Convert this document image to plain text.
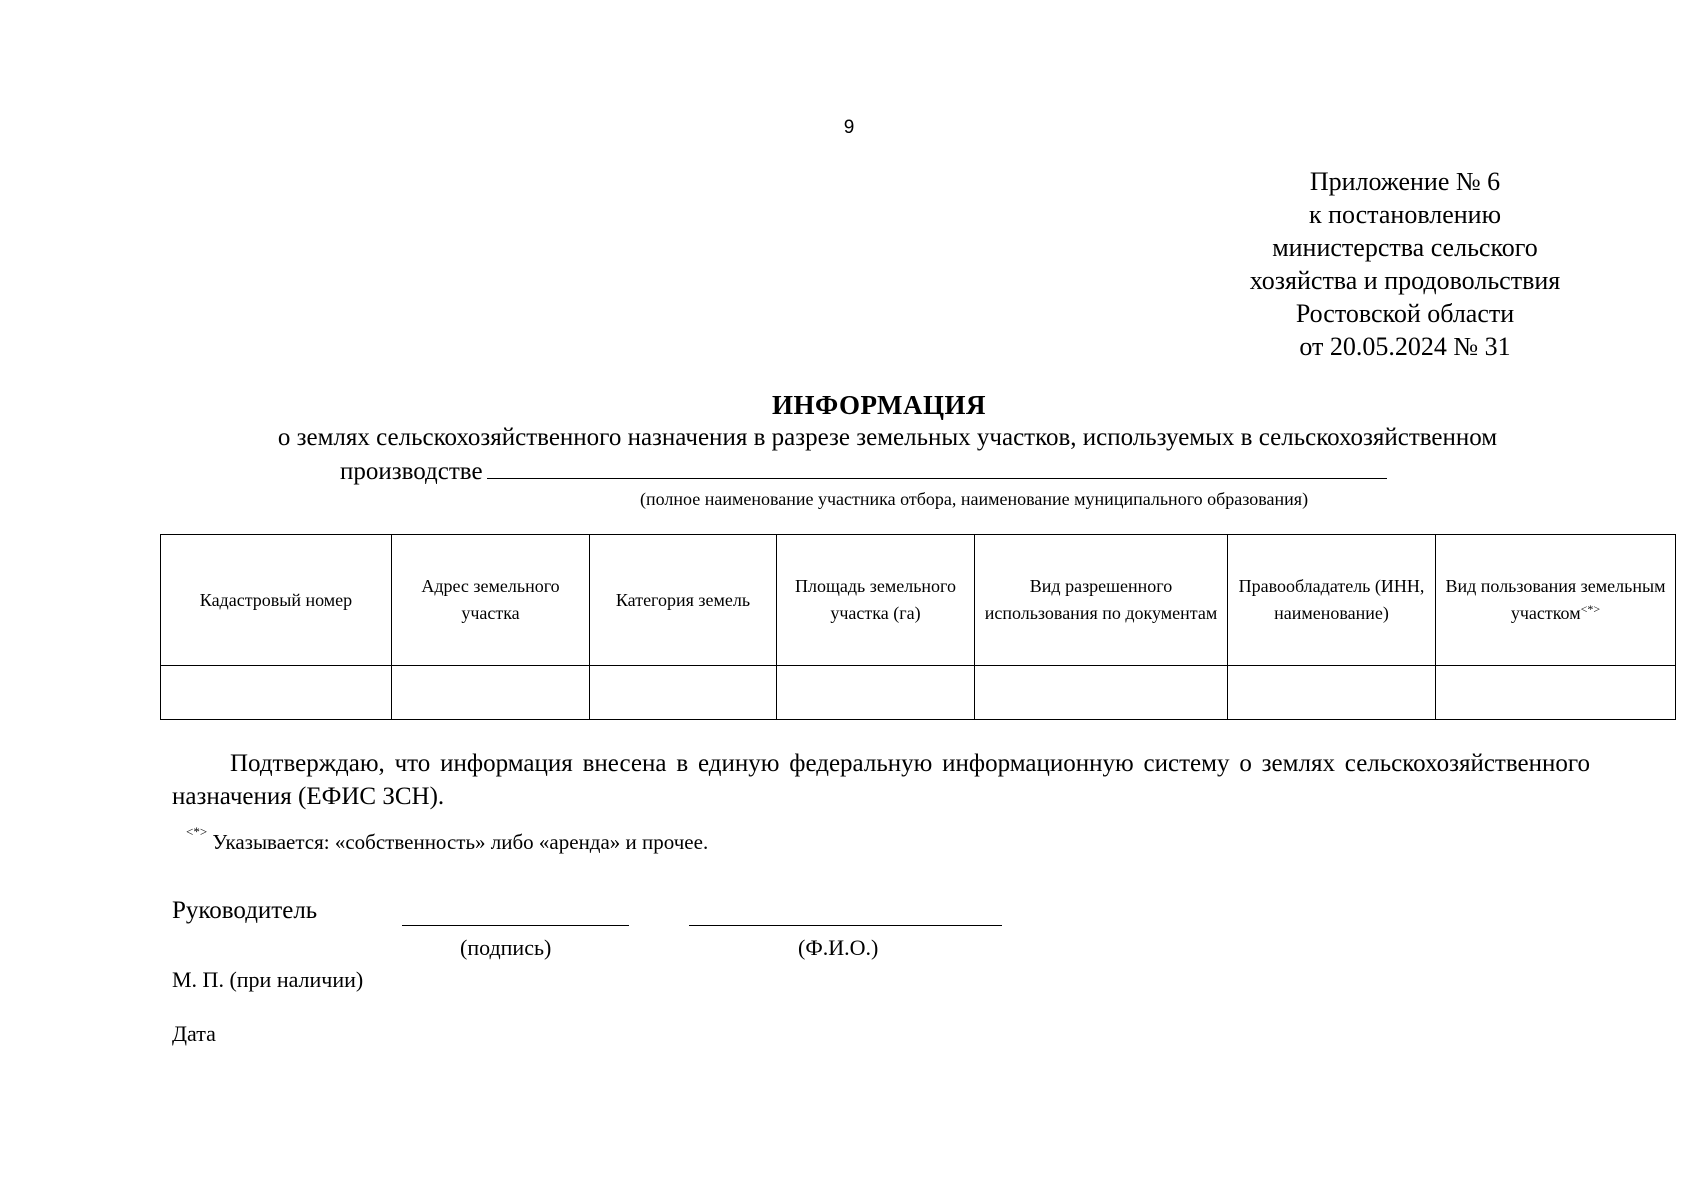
9
Приложение № 6
к постановлению
министерства сельского
хозяйства и продовольствия
Ростовской области
от 20.05.2024 № 31
ИНФОРМАЦИЯ
о землях сельскохозяйственного назначения в разрезе земельных участков, используемых в сельскохозяйственном
производстве
(полное наименование участника отбора, наименование муниципального образования)
Кадастровый номер	Адрес земельного участка	Категория земель	Площадь земельного участка (га)	Вид разрешенного использования по документам	Правообладатель (ИНН, наименование)	Вид пользования земельным участком<*>

Подтверждаю, что информация внесена в единую федеральную информационную систему о землях сельскохозяйственного назначения (ЕФИС ЗСН).
<*> Указывается: «собственность» либо «аренда» и прочее.
Руководитель
(подпись)	(Ф.И.О.)
М. П. (при наличии)
Дата
